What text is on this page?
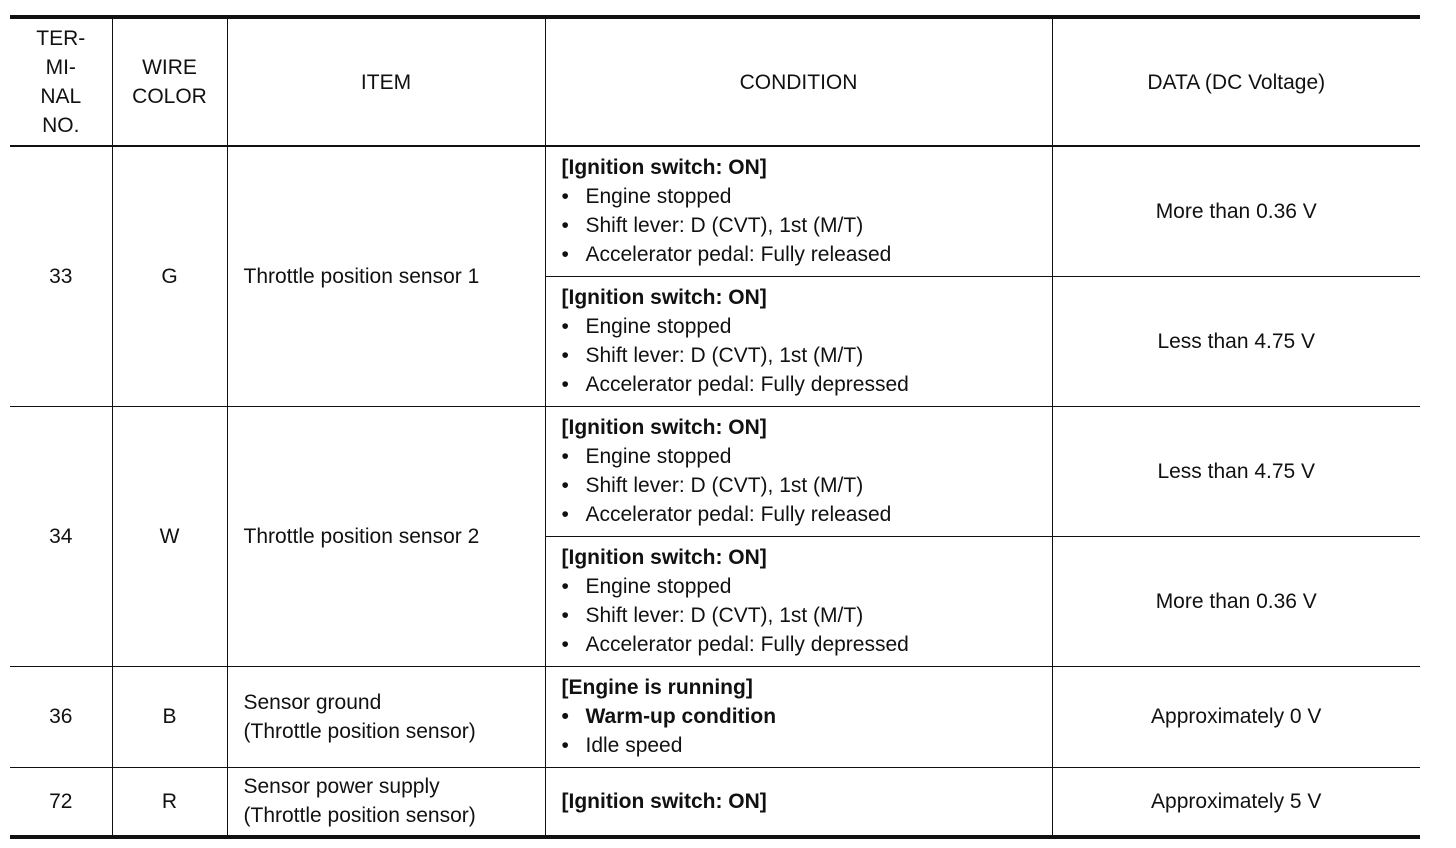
TER-
MI-
NAL
NO.	WIRE
COLOR	ITEM	CONDITION	DATA (DC Voltage)
33	G	Throttle position sensor 1	[Ignition switch: ON]
• Engine stopped
• Shift lever: D (CVT), 1st (M/T)
• Accelerator pedal: Fully released	More than 0.36 V

			[Ignition switch: ON]
• Engine stopped
• Shift lever: D (CVT), 1st (M/T)
• Accelerator pedal: Fully depressed	Less than 4.75 V
34	W	Throttle position sensor 2	[Ignition switch: ON]
• Engine stopped
• Shift lever: D (CVT), 1st (M/T)
• Accelerator pedal: Fully released	Less than 4.75 V

			[Ignition switch: ON]
• Engine stopped
• Shift lever: D (CVT), 1st (M/T)
• Accelerator pedal: Fully depressed	More than 0.36 V
36	B	Sensor ground
(Throttle position sensor)	[Engine is running]
• Warm-up condition
• Idle speed	Approximately 0 V
72	R	Sensor power supply
(Throttle position sensor)	[Ignition switch: ON]	Approximately 5 V
